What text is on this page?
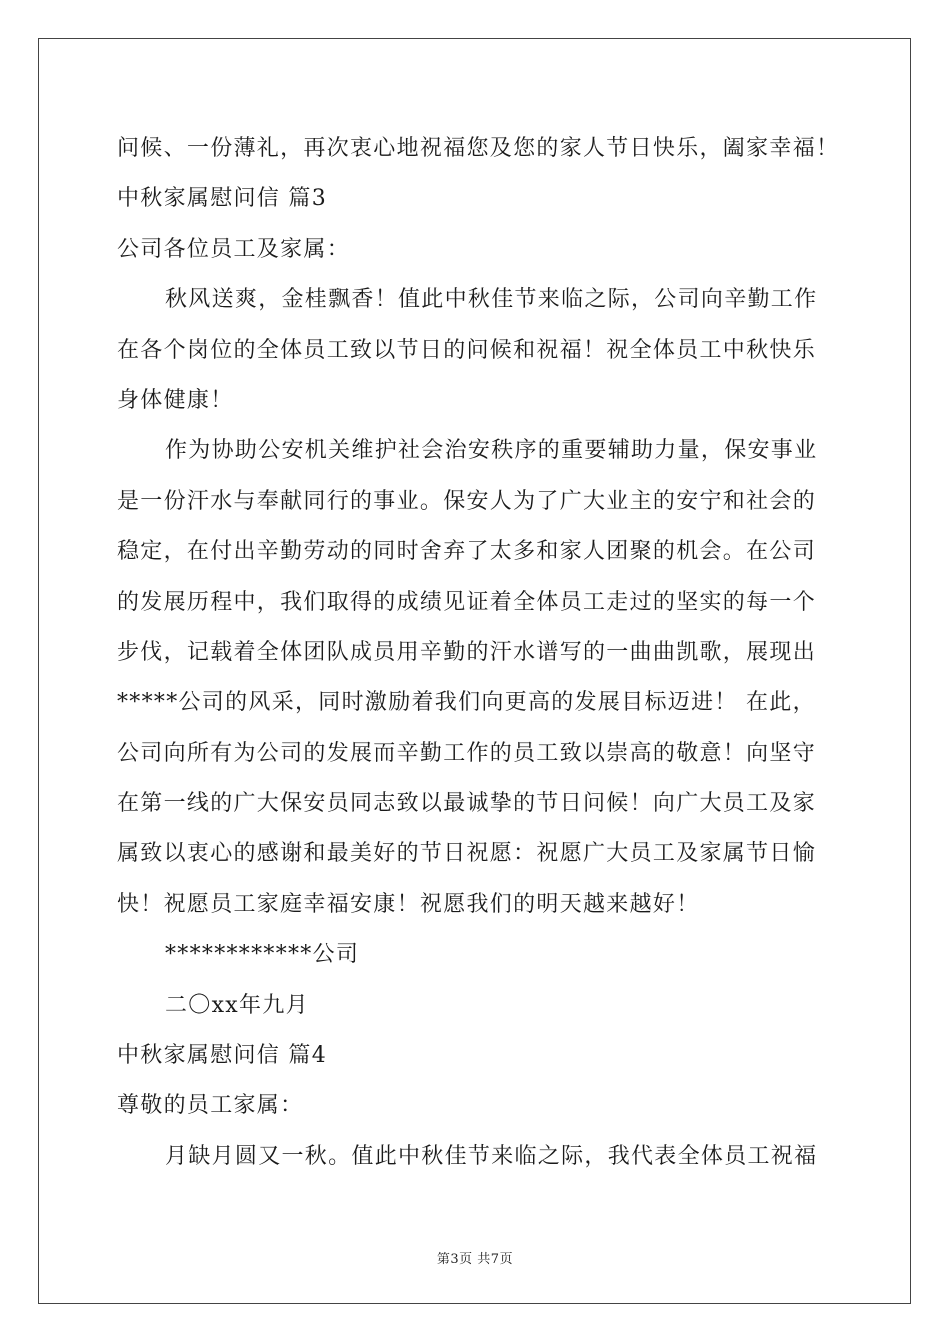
问候、一份薄礼，再次衷心地祝福您及您的家人节日快乐，阖家幸福！
中秋家属慰问信 篇3
公司各位员工及家属：
秋风送爽，金桂飘香！值此中秋佳节来临之际，公司向辛勤工作
在各个岗位的全体员工致以节日的问候和祝福！祝全体员工中秋快乐
身体健康！
作为协助公安机关维护社会治安秩序的重要辅助力量，保安事业
是一份汗水与奉献同行的事业。保安人为了广大业主的安宁和社会的
稳定，在付出辛勤劳动的同时舍弃了太多和家人团聚的机会。在公司
的发展历程中，我们取得的成绩见证着全体员工走过的坚实的每一个
步伐，记载着全体团队成员用辛勤的汗水谱写的一曲曲凯歌，展现出
*****公司的风采，同时激励着我们向更高的发展目标迈进！ 在此，
公司向所有为公司的发展而辛勤工作的员工致以崇高的敬意！向坚守
在第一线的广大保安员同志致以最诚挚的节日问候！向广大员工及家
属致以衷心的感谢和最美好的节日祝愿：祝愿广大员工及家属节日愉
快！祝愿员工家庭幸福安康！祝愿我们的明天越来越好！
************公司
二〇xx年九月
中秋家属慰问信 篇4
尊敬的员工家属：
月缺月圆又一秋。值此中秋佳节来临之际，我代表全体员工祝福
第3页 共7页
